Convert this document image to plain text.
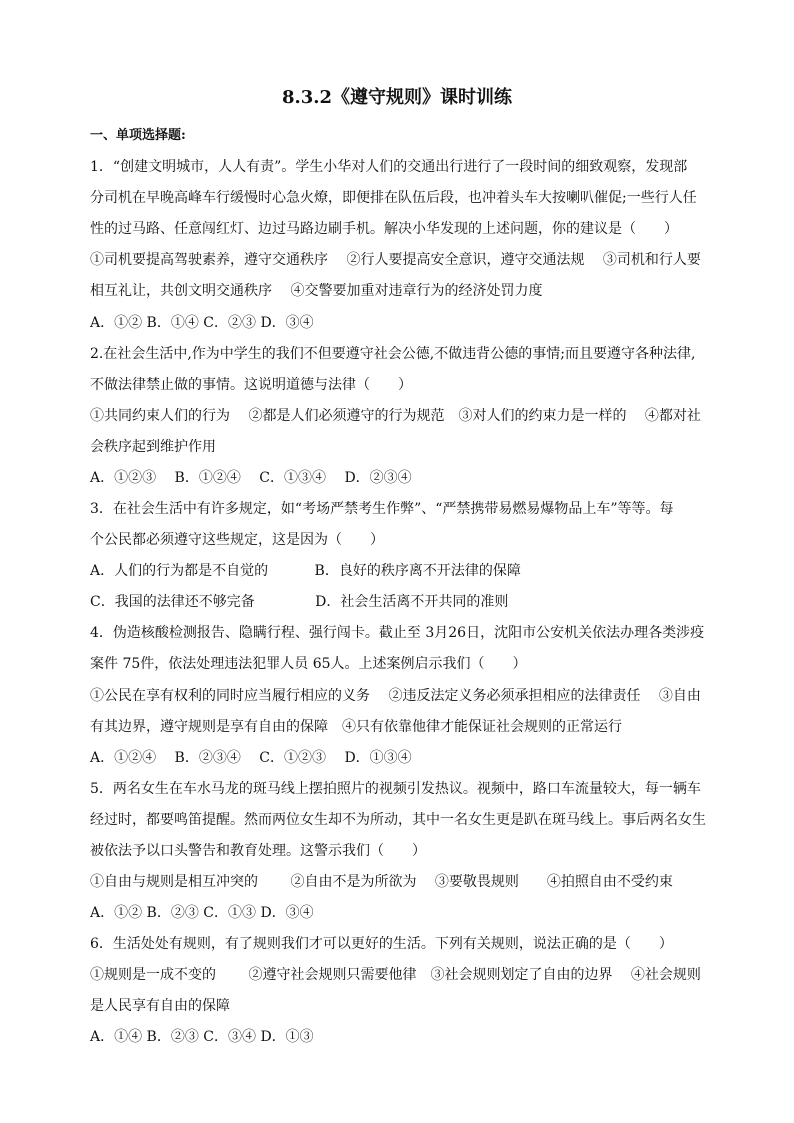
8.3.2《遵守规则》课时训练
一、单项选择题:
1．“创建文明城市，人人有责”。学生小华对人们的交通出行进行了一段时间的细致观察，发现部
分司机在早晚高峰车行缓慢时心急火燎，即便排在队伍后段，也冲着头车大按喇叭催促;一些行人任
性的过马路、任意闯红灯、边过马路边刷手机。解决小华发现的上述问题，你的建议是（　　）
①司机要提高驾驶素养，遵守交通秩序　 ②行人要提高安全意识，遵守交通法规　 ③司机和行人要
相互礼让，共创文明交通秩序　 ④交警要加重对违章行为的经济处罚力度
A．①② B．①④ C．②③ D．③④
2.在社会生活中,作为中学生的我们不但要遵守社会公德,不做违背公德的事情;而且要遵守各种法律,
不做法律禁止做的事情。这说明道德与法律（　　）
①共同约束人们的行为　 ②都是人们必须遵守的行为规范　③对人们的约束力是一样的　 ④都对社
会秩序起到维护作用
A．①②③　 B．①②④　 C．①③④　 D．②③④
3．在社会生活中有许多规定，如“考场严禁考生作弊”、“严禁携带易燃易爆物品上车”等等。每
个公民都必须遵守这些规定，这是因为（　　）
A．人们的行为都是不自觉的　　　 B．良好的秩序离不开法律的保障
C．我国的法律还不够完备　　　　 D．社会生活离不开共同的准则
4．伪造核酸检测报告、隐瞒行程、强行闯卡。截止至 3月26日，沈阳市公安机关依法办理各类涉疫
案件 75件，依法处理违法犯罪人员 65人。上述案例启示我们（　　）
①公民在享有权利的同时应当履行相应的义务　 ②违反法定义务必须承担相应的法律责任　 ③自由
有其边界，遵守规则是享有自由的保障　④只有依靠他律才能保证社会规则的正常运行
A．①②④　 B．②③④　 C．①②③　 D．①③④
5．两名女生在车水马龙的斑马线上摆拍照片的视频引发热议。视频中，路口车流量较大，每一辆车
经过时，都要鸣笛提醒。然而两位女生却不为所动，其中一名女生更是趴在斑马线上。事后两名女生
被依法予以口头警告和教育处理。这警示我们（　　）
①自由与规则是相互冲突的　　 ②自由不是为所欲为　 ③要敬畏规则　　④拍照自由不受约束
A．①② B．②③ C．①③ D．③④
6．生活处处有规则，有了规则我们才可以更好的生活。下列有关规则，说法正确的是（　　）
①规则是一成不变的　　 ②遵守社会规则只需要他律　③社会规则划定了自由的边界　 ④社会规则
是人民享有自由的保障
A．①④ B．②③ C．③④ D．①③
